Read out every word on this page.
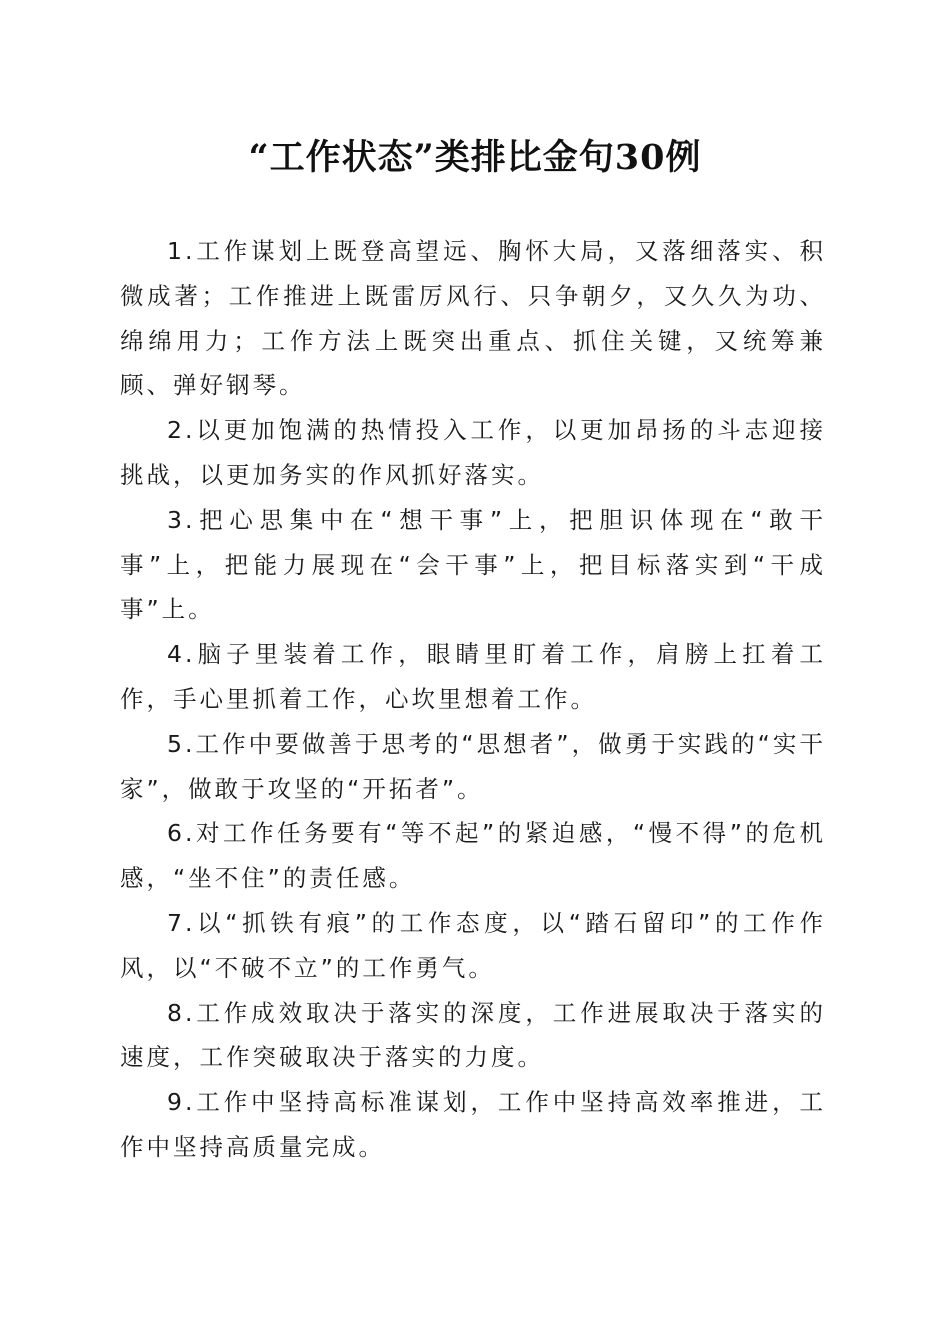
“工作状态”类排比金句30例

1.工作谋划上既登高望远、胸怀大局，又落细落实、积微成著；工作推进上既雷厉风行、只争朝夕，又久久为功、绵绵用力；工作方法上既突出重点、抓住关键，又统筹兼顾、弹好钢琴。

2.以更加饱满的热情投入工作，以更加昂扬的斗志迎接挑战，以更加务实的作风抓好落实。

3.把心思集中在“想干事”上，把胆识体现在“敢干事”上，把能力展现在“会干事”上，把目标落实到“干成事”上。

4.脑子里装着工作，眼睛里盯着工作，肩膀上扛着工作，手心里抓着工作，心坎里想着工作。

5.工作中要做善于思考的“思想者”，做勇于实践的“实干家”，做敢于攻坚的“开拓者”。

6.对工作任务要有“等不起”的紧迫感，“慢不得”的危机感，“坐不住”的责任感。

7.以“抓铁有痕”的工作态度，以“踏石留印”的工作作风，以“不破不立”的工作勇气。

8.工作成效取决于落实的深度，工作进展取决于落实的速度，工作突破取决于落实的力度。

9.工作中坚持高标准谋划，工作中坚持高效率推进，工作中坚持高质量完成。
